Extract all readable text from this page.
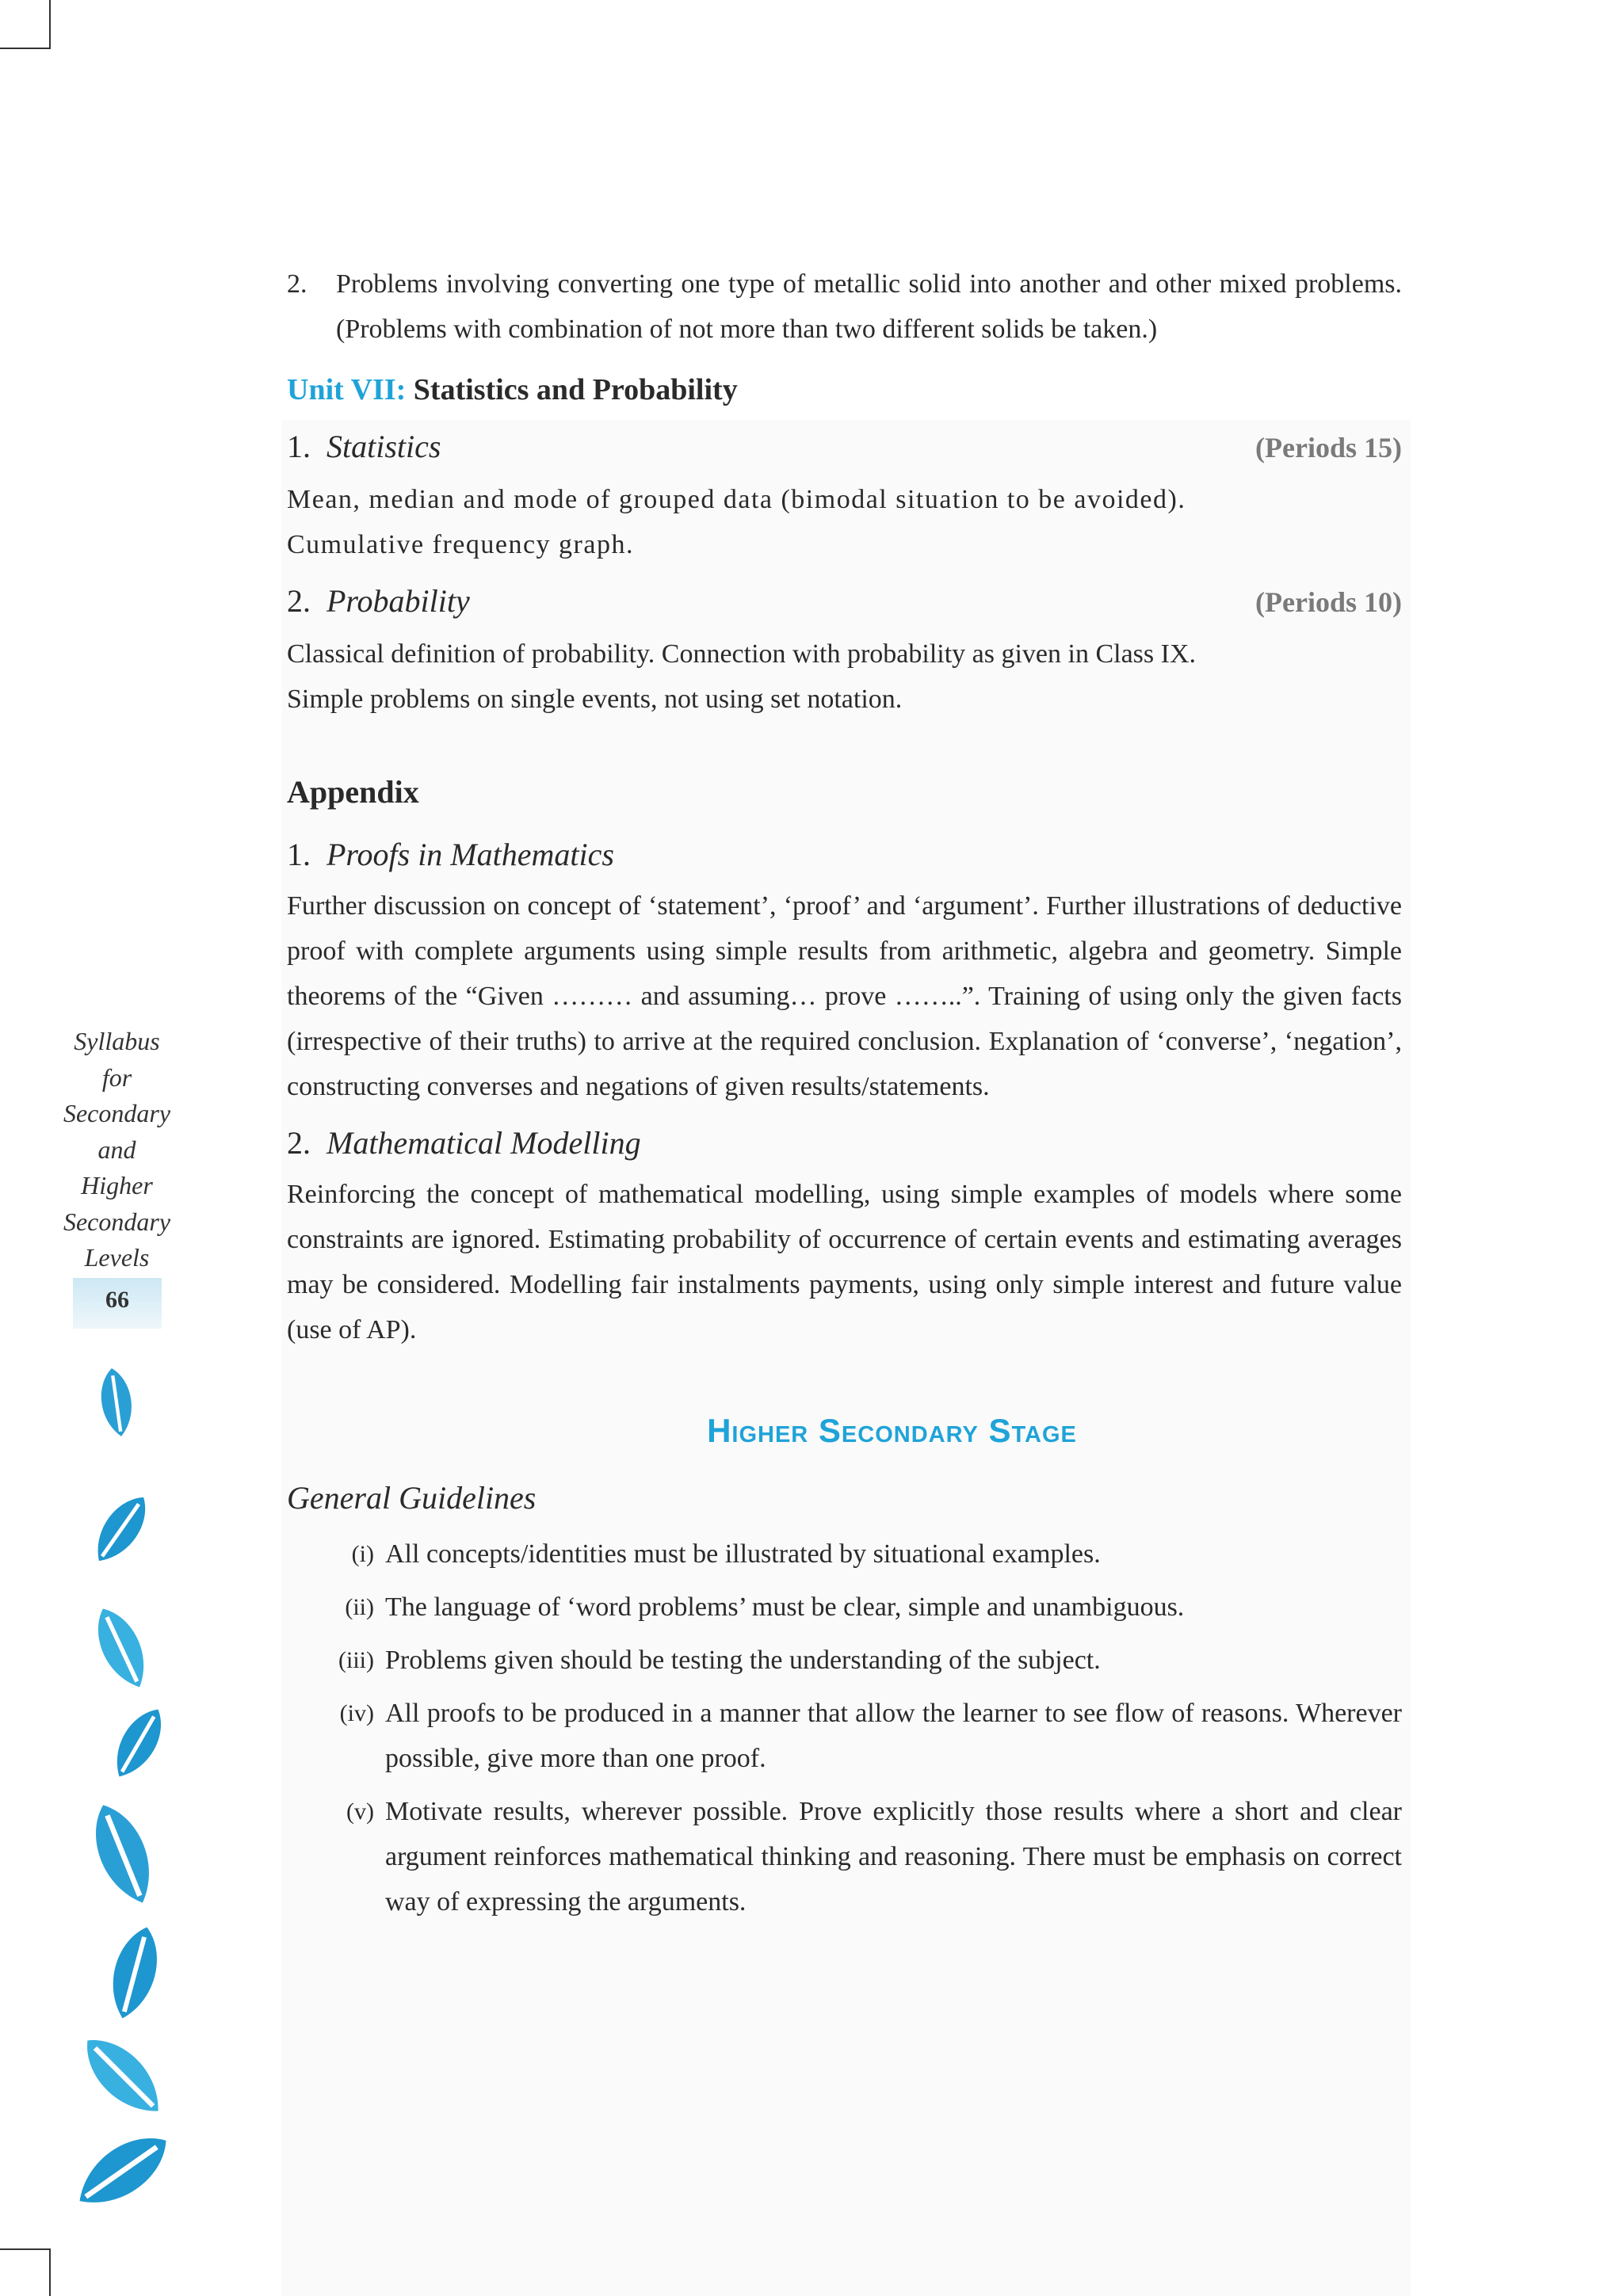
Syllabus
for
Secondary
and
Higher
Secondary
Levels
66
2.	Problems involving converting one type of metallic solid into another and other mixed problems. (Problems with combination of not more than two different solids be taken.)
Unit VII: Statistics and Probability
1. Statistics	(Periods 15)

Mean, median and mode of grouped data (bimodal situation to be avoided).

Cumulative frequency graph.

2. Probability	(Periods 10)

Classical definition of probability. Connection with probability as given in Class IX.

Simple problems on single events, not using set notation.

Appendix
1. Proofs in Mathematics

Further discussion on concept of ‘statement’, ‘proof’ and ‘argument’. Further illustrations of deductive proof with complete arguments using simple results from arithmetic, algebra and geometry. Simple theorems of the “Given ……… and assuming… prove ……..”. Training of using only the given facts (irrespective of their truths) to arrive at the required conclusion. Explanation of ‘converse’, ‘negation’, constructing converses and negations of given results/statements.

2. Mathematical Modelling

Reinforcing the concept of mathematical modelling, using simple examples of models where some constraints are ignored. Estimating probability of occurrence of certain events and estimating averages may be considered. Modelling fair instalments payments, using only simple interest and future value (use of AP).

Higher Secondary Stage
General Guidelines
(i) All concepts/identities must be illustrated by situational examples.
(ii) The language of ‘word problems’ must be clear, simple and unambiguous.
(iii) Problems given should be testing the understanding of the subject.
(iv) All proofs to be produced in a manner that allow the learner to see flow of reasons. Wherever possible, give more than one proof.
(v) Motivate results, wherever possible. Prove explicitly those results where a short and clear argument reinforces mathematical thinking and reasoning. There must be emphasis on correct way of expressing the arguments.
